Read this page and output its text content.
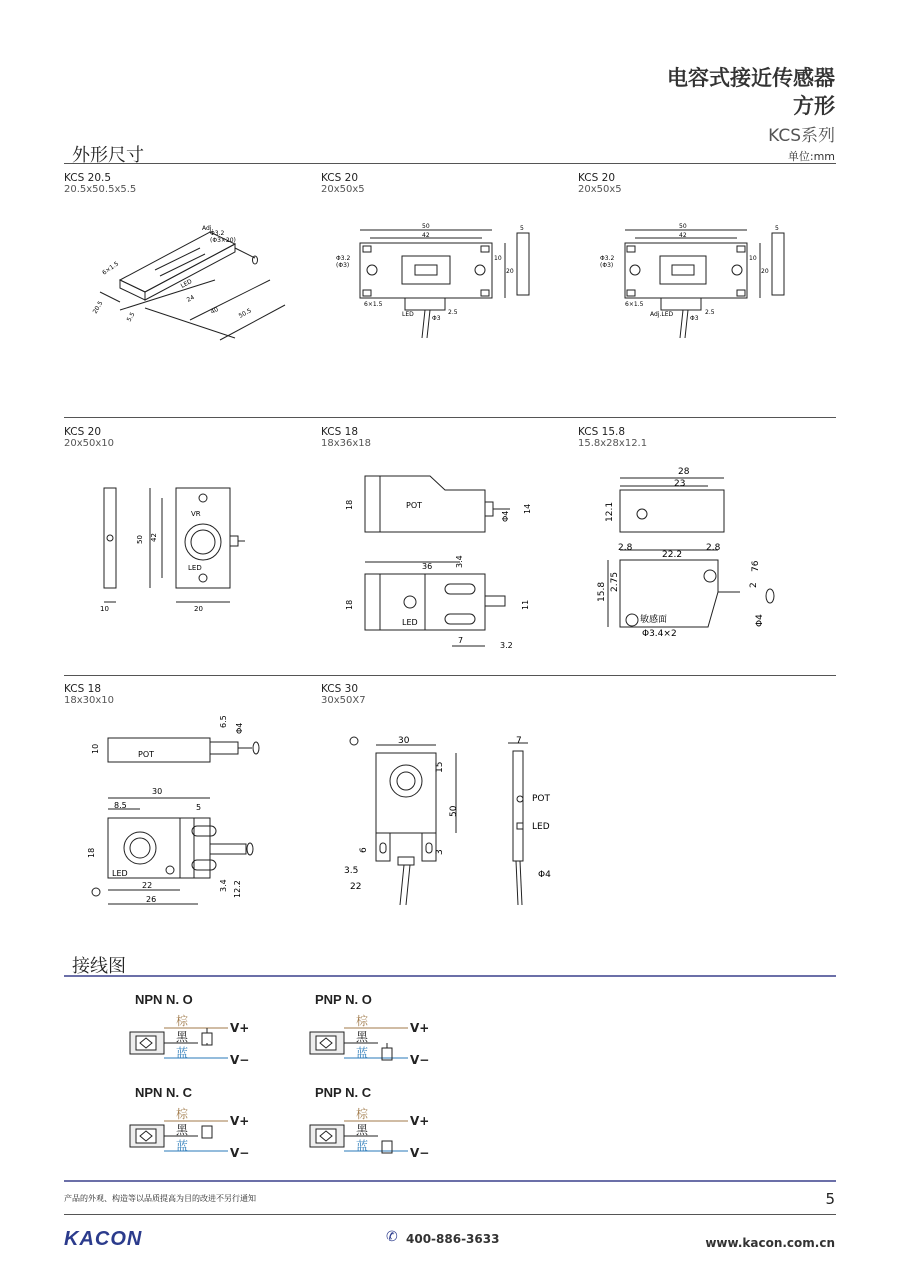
电容式接近传感器
方形
KCS系列
外形尺寸	单位:mm
KCS 20.5
20.5x50.5x5.5
KCS 20
20x50x5
KCS 20
20x50x5
Adj.
Φ3.2
(Φ3×20)
6×1.5
20.5
5.5
24
40	50.5
LED
50
42
10
20
5
Φ3.2
(Φ3)
6×1.5
LED
Φ3
2.5
50
42
10
20
5
Φ3.2
(Φ3)
6×1.5
Adj.LED
Φ3
2.5
KCS 20
20x50x10
KCS 18
18x36x18
KCS 15.8
15.8x28x12.1
50 42
10	20
VR
LED
18	POT
Φ4
14
36	3.4
18
LED
11
7
3.2
28
23
12.1
2.8
22.2
2.8
76
2
15.8 2.75
敏感面
Φ3.4×2
Φ4
KCS 18
18x30x10
KCS 30
30x50X7
10
POT
6.5
Φ4
30
8.5	5
18
LED
22
26
3.4 12.2
30
15
50
6	3
3.5
22
7
POT
LED
Φ4
接线图
NPN N. O	PNP N. O
NPN N. C	PNP N. C
棕
黑
蓝
V+
V−
棕
黑
蓝
V+
V−
棕
黑
蓝
V+
V−
棕
黑
蓝
V+
V−
产品的外观、构造等以品质提高为目的改进不另行通知	5
KACON	✆ 400-886-3633	www.kacon.com.cn
